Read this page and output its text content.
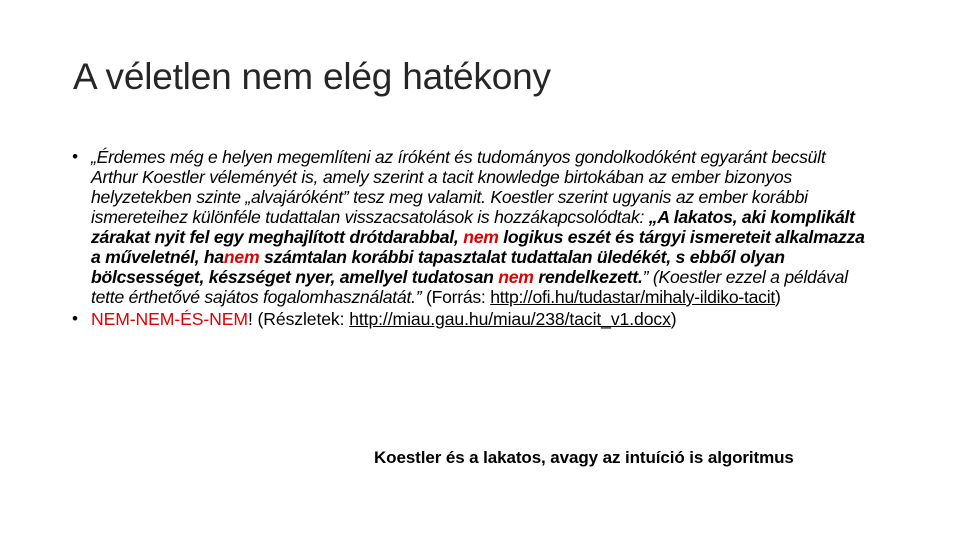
A véletlen nem elég hatékony
• „Érdemes még e helyen megemlíteni az íróként és tudományos gondolkodóként egyaránt becsült Arthur Koestler véleményét is, amely szerint a tacit knowledge birtokában az ember bizonyos helyzetekben szinte „alvajáróként” tesz meg valamit. Koestler szerint ugyanis az ember korábbi ismereteihez különféle tudattalan visszacsatolások is hozzákapcsolódtak: „A lakatos, aki komplikált zárakat nyit fel egy meghajlított drótdarabbal, nem logikus eszét és tárgyi ismereteit alkalmazza a műveletnél, hanem számtalan korábbi tapasztalat tudattalan üledékét, s ebből olyan bölcsességet, készséget nyer, amellyel tudatosan nem rendelkezett.” (Koestler ezzel a példával tette érthetővé sajátos fogalomhasználatát.” (Forrás: http://ofi.hu/tudastar/mihaly-ildiko-tacit)
• NEM-NEM-ÉS-NEM! (Részletek: http://miau.gau.hu/miau/238/tacit_v1.docx)
Koestler és a lakatos, avagy az intuíció is algoritmus
